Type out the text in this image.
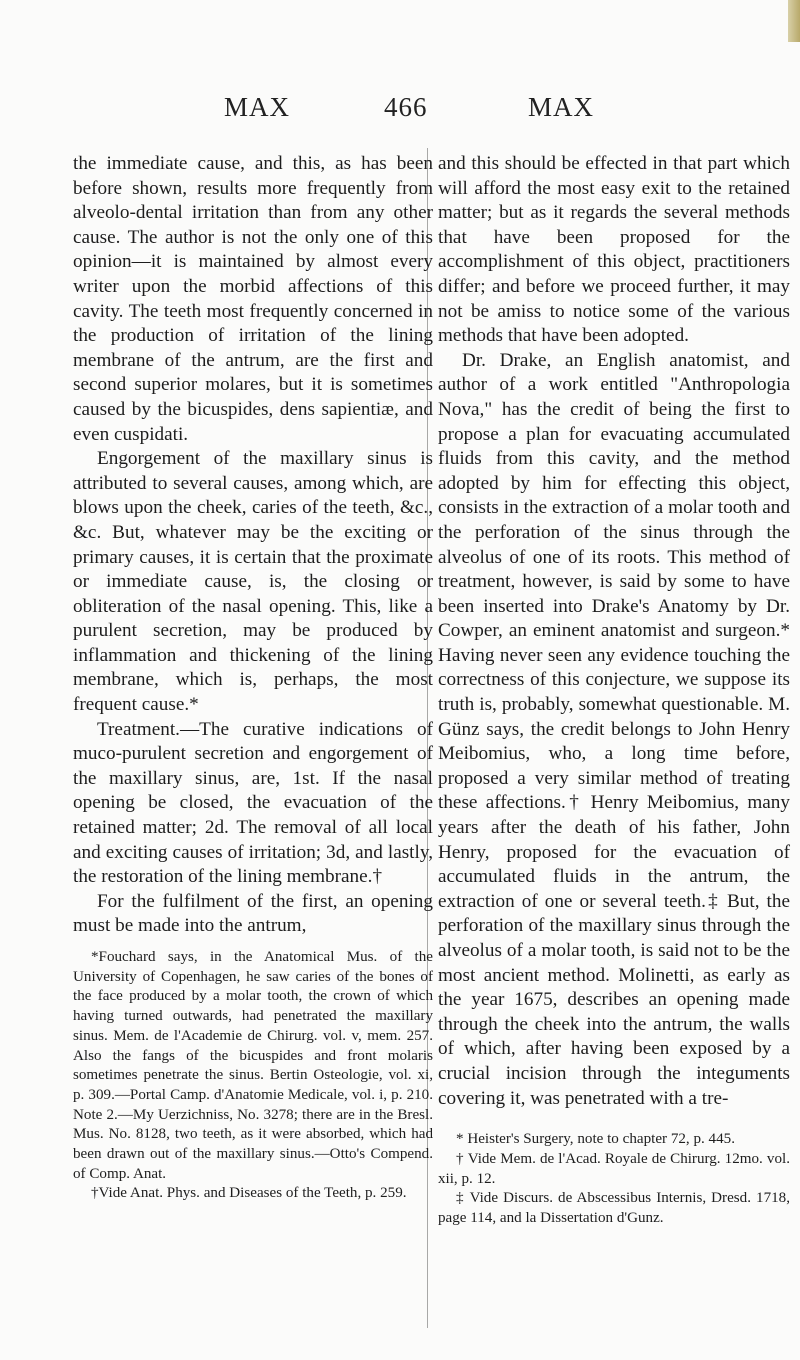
MAX	466	MAX

the immediate cause, and this, as has been before shown, results more frequently from alveolo-dental irritation than from any other cause. The author is not the only one of this opinion—it is maintained by almost every writer upon the morbid affections of this cavity. The teeth most frequently concerned in the production of irritation of the lining membrane of the antrum, are the first and second superior molares, but it is sometimes caused by the bicuspides, dens sapientiæ, and even cuspidati.

Engorgement of the maxillary sinus is attributed to several causes, among which, are blows upon the cheek, caries of the teeth, &c., &c. But, whatever may be the exciting or primary causes, it is certain that the proximate or immediate cause, is, the closing or obliteration of the nasal opening. This, like a purulent secretion, may be produced by inflammation and thickening of the lining membrane, which is, perhaps, the most frequent cause.*

Treatment.—The curative indications of muco-purulent secretion and engorgement of the maxillary sinus, are, 1st. If the nasal opening be closed, the evacuation of the retained matter; 2d. The removal of all local and exciting causes of irritation; 3d, and lastly, the restoration of the lining membrane.†

For the fulfilment of the first, an opening must be made into the antrum,

*Fouchard says, in the Anatomical Mus. of the University of Copenhagen, he saw caries of the bones of the face produced by a molar tooth, the crown of which having turned outwards, had penetrated the maxillary sinus. Mem. de l'Academie de Chirurg. vol. v, mem. 257. Also the fangs of the bicuspides and front molaris sometimes penetrate the sinus. Bertin Osteologie, vol. xi, p. 309.—Portal Camp. d'Anatomie Medicale, vol. i, p. 210. Note 2.—My Uerzichniss, No. 3278; there are in the Bresl. Mus. No. 8128, two teeth, as it were absorbed, which had been drawn out of the maxillary sinus.—Otto's Compend. of Comp. Anat.

†Vide Anat. Phys. and Diseases of the Teeth, p. 259.

and this should be effected in that part which will afford the most easy exit to the retained matter; but as it regards the several methods that have been proposed for the accomplishment of this object, practitioners differ; and before we proceed further, it may not be amiss to notice some of the various methods that have been adopted.

Dr. Drake, an English anatomist, and author of a work entitled "Anthropologia Nova," has the credit of being the first to propose a plan for evacuating accumulated fluids from this cavity, and the method adopted by him for effecting this object, consists in the extraction of a molar tooth and the perforation of the sinus through the alveolus of one of its roots. This method of treatment, however, is said by some to have been inserted into Drake's Anatomy by Dr. Cowper, an eminent anatomist and surgeon.* Having never seen any evidence touching the correctness of this conjecture, we suppose its truth is, probably, somewhat questionable. M. Günz says, the credit belongs to John Henry Meibomius, who, a long time before, proposed a very similar method of treating these affections.† Henry Meibomius, many years after the death of his father, John Henry, proposed for the evacuation of accumulated fluids in the antrum, the extraction of one or several teeth.‡ But, the perforation of the maxillary sinus through the alveolus of a molar tooth, is said not to be the most ancient method. Molinetti, as early as the year 1675, describes an opening made through the cheek into the antrum, the walls of which, after having been exposed by a crucial incision through the integuments covering it, was penetrated with a tre-

* Heister's Surgery, note to chapter 72, p. 445.

† Vide Mem. de l'Acad. Royale de Chirurg. 12mo. vol. xii, p. 12.

‡ Vide Discurs. de Abscessibus Internis, Dresd. 1718, page 114, and la Dissertation d'Gunz.
